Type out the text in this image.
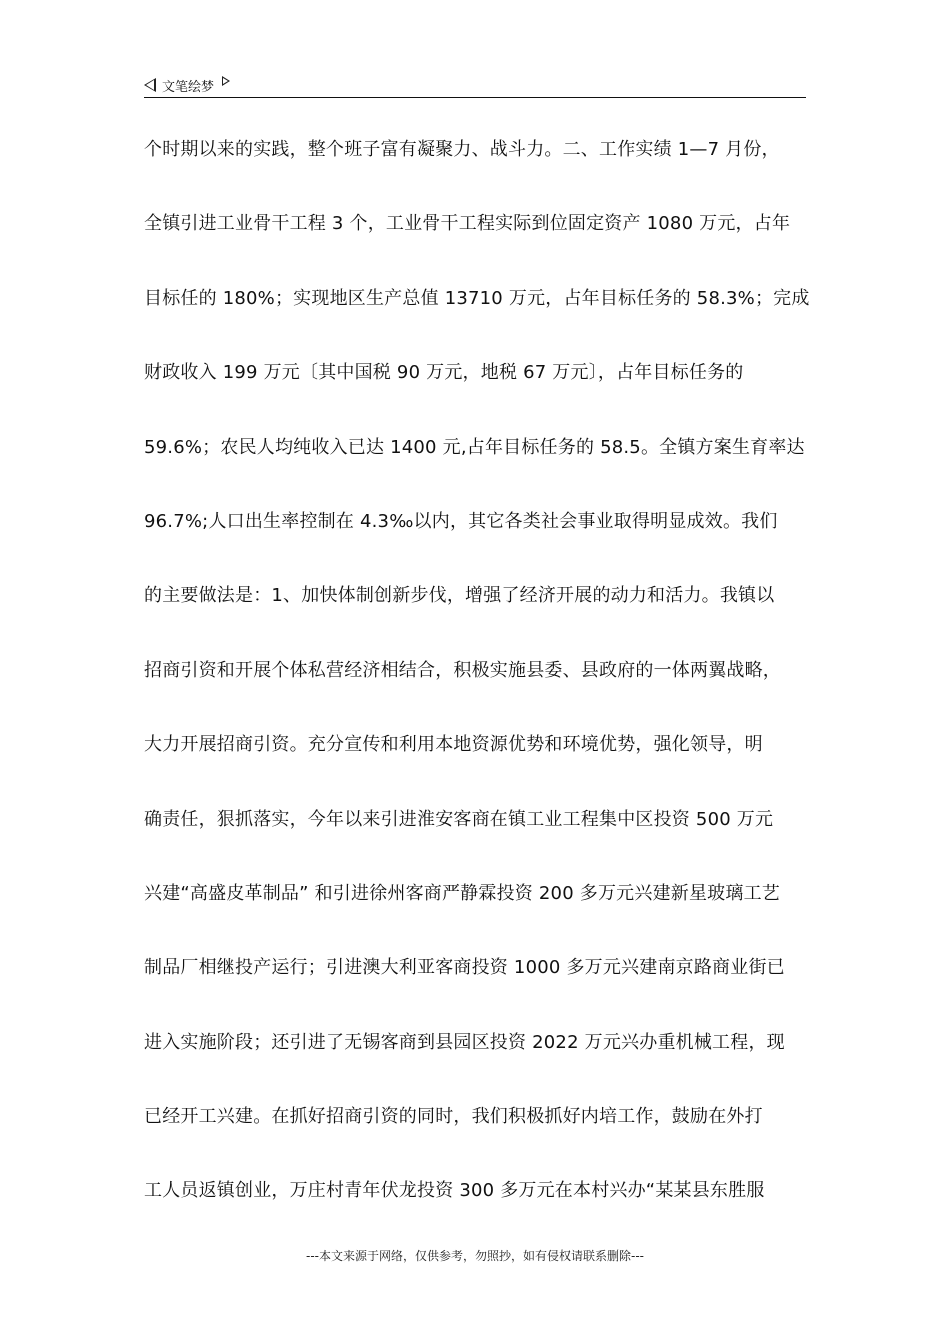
文笔绘梦
个时期以来的实践，整个班子富有凝聚力、战斗力。二、工作实绩 1—7 月份，
全镇引进工业骨干工程 3 个，工业骨干工程实际到位固定资产 1080 万元，占年
目标任的 180%；实现地区生产总值 13710 万元，占年目标任务的 58.3%；完成
财政收入 199 万元〔其中国税 90 万元，地税 67 万元〕，占年目标任务的
59.6%；农民人均纯收入已达 1400 元,占年目标任务的 58.5。全镇方案生育率达
96.7%;人口出生率控制在 4.3‰以内，其它各类社会事业取得明显成效。我们
的主要做法是：1、加快体制创新步伐，增强了经济开展的动力和活力。我镇以
招商引资和开展个体私营经济相结合，积极实施县委、县政府的一体两翼战略，
大力开展招商引资。充分宣传和利用本地资源优势和环境优势，强化领导，明
确责任，狠抓落实，今年以来引进淮安客商在镇工业工程集中区投资 500 万元
兴建“高盛皮革制品” 和引进徐州客商严静霖投资 200 多万元兴建新星玻璃工艺
制品厂相继投产运行；引进澳大利亚客商投资 1000 多万元兴建南京路商业街已
进入实施阶段；还引进了无锡客商到县园区投资 2022 万元兴办重机械工程，现
已经开工兴建。在抓好招商引资的同时，我们积极抓好内培工作，鼓励在外打
工人员返镇创业，万庄村青年伏龙投资 300 多万元在本村兴办“某某县东胜服
---本文来源于网络，仅供参考，勿照抄，如有侵权请联系删除---
